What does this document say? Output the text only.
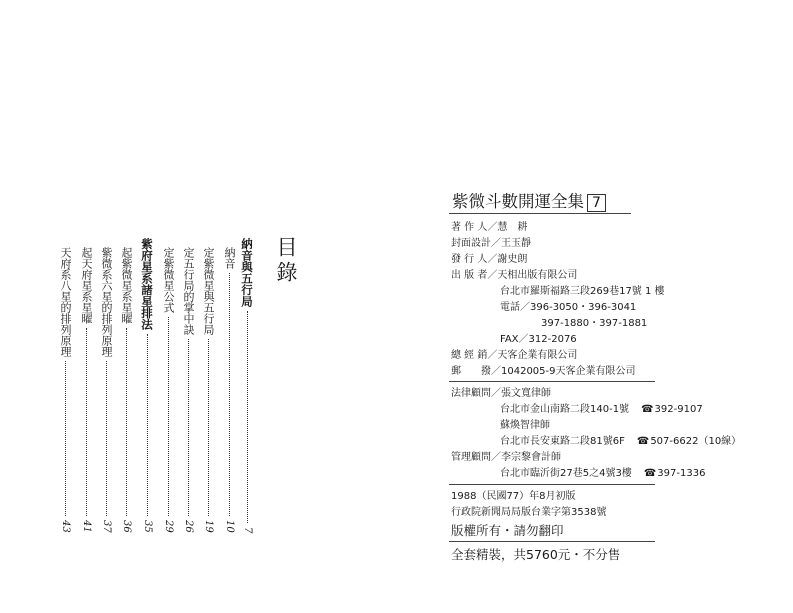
目錄
納音與五行局
7
納音
10
定紫微星與五行局
19
定五行局的掌中訣
26
定紫微星公式
29
紫府星系諸星排法
35
起紫微星系星曜
36
紫微系六星的排列原理
37
起天府星系星曜
41
天府系八星的排列原理
43
紫微斗數開運全集 7
著 作 人／慧　耕
封面設計／王玉靜
發 行 人／謝史朗
出 版 者／天相出版有限公司
台北市羅斯福路三段269巷17號 1 樓
電話／396-3050・396-3041
397-1880・397-1881
FAX／312-2076
總 經 銷／天客企業有限公司
郵　　撥／1042005-9天客企業有限公司
法律顧問／張文寬律師
台北市金山南路二段140-1號 ☎392-9107
蘇煥智律師
台北市長安東路二段81號6F ☎507-6622（10線）
管理顧問／李宗黎會計師
台北市臨沂街27巷5之4號3樓 ☎397-1336
1988（民國77）年8月初版
行政院新聞局局版台業字第3538號
版權所有・請勿翻印
全套精裝，共5760元・不分售
